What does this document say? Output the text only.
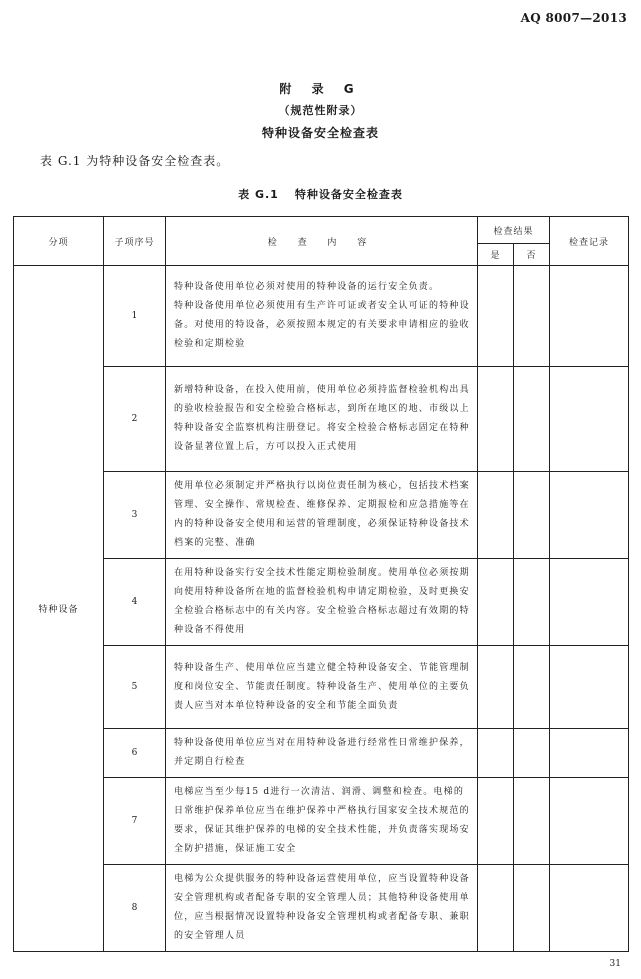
AQ 8007—2013
附 录 G
（规范性附录）
特种设备安全检查表
表 G.1 为特种设备安全检查表。
表 G.1 特种设备安全检查表
分项	子项序号	检 查 内 容	检查结果		检查记录
			是	否	
特种设备	1	特种设备使用单位必须对使用的特种设备的运行安全负责。
特种设备使用单位必须使用有生产许可证或者安全认可证的特种设备。对使用的特设备，必须按照本规定的有关要求申请相应的验收检验和定期检验			
	2	新增特种设备，在投入使用前，使用单位必须持监督检验机构出具的验收检验报告和安全检验合格标志，到所在地区的地、市级以上特种设备安全监察机构注册登记。将安全检验合格标志固定在特种设备显著位置上后，方可以投入正式使用			
	3	使用单位必须制定并严格执行以岗位责任制为核心，包括技术档案管理、安全操作、常规检查、维修保养、定期报检和应急措施等在内的特种设备安全使用和运营的管理制度，必须保证特种设备技术档案的完整、准确			
	4	在用特种设备实行安全技术性能定期检验制度。使用单位必须按期向使用特种设备所在地的监督检验机构申请定期检验，及时更换安全检验合格标志中的有关内容。安全检验合格标志超过有效期的特种设备不得使用			
	5	特种设备生产、使用单位应当建立健全特种设备安全、节能管理制度和岗位安全、节能责任制度。特种设备生产、使用单位的主要负责人应当对本单位特种设备的安全和节能全面负责			
	6	特种设备使用单位应当对在用特种设备进行经常性日常维护保养，并定期自行检查			
	7	电梯应当至少每15 d进行一次清洁、润滑、调整和检查。电梯的日常维护保养单位应当在维护保养中严格执行国家安全技术规范的要求，保证其维护保养的电梯的安全技术性能，并负责落实现场安全防护措施，保证施工安全			
	8	电梯为公众提供服务的特种设备运营使用单位，应当设置特种设备安全管理机构或者配备专职的安全管理人员；其他特种设备使用单位，应当根据情况设置特种设备安全管理机构或者配备专职、兼职的安全管理人员			
31
